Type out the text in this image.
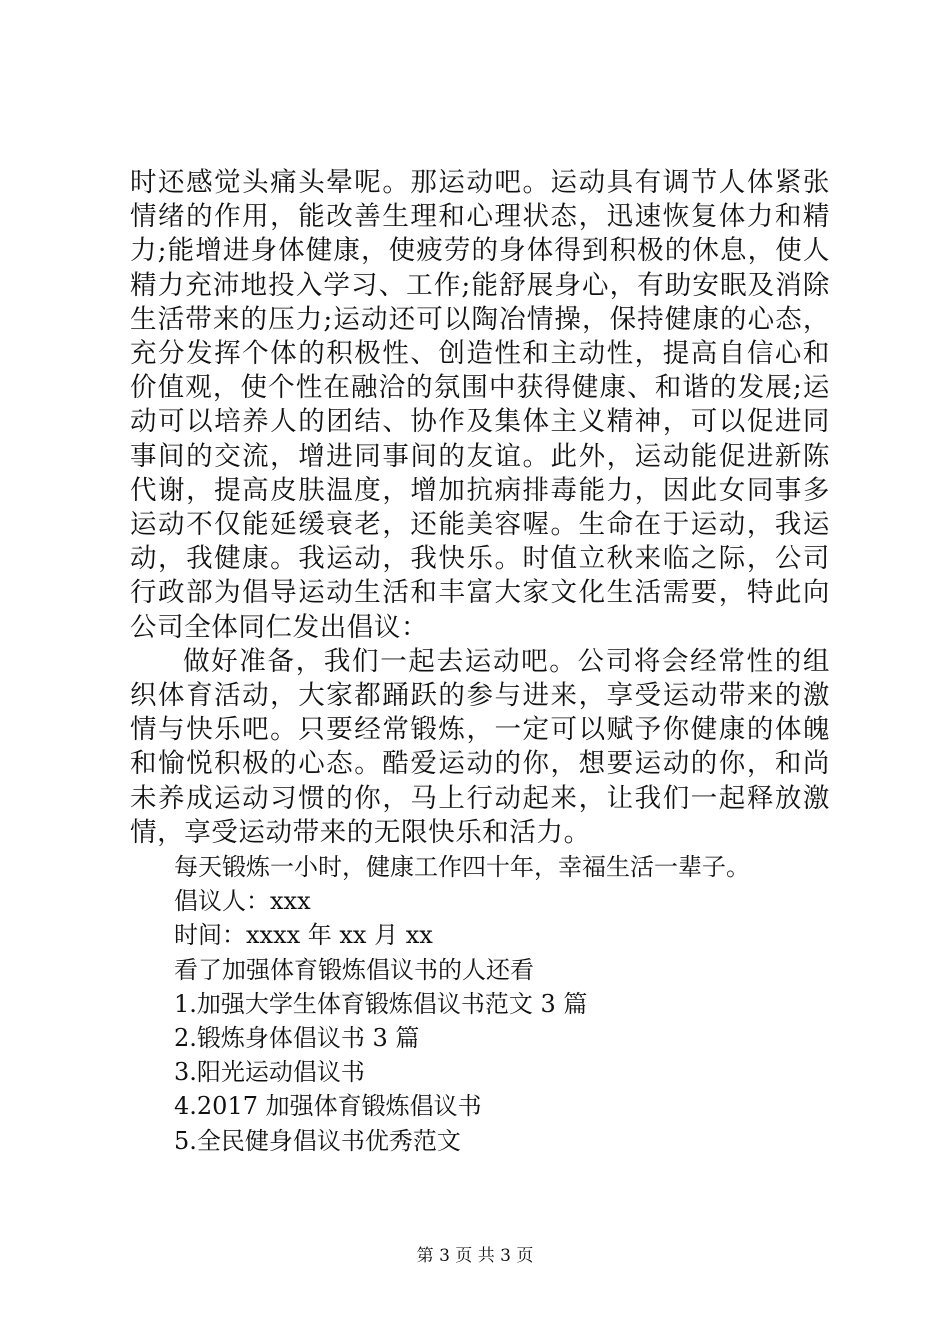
时还感觉头痛头晕呢。那运动吧。运动具有调节人体紧张情绪的作用，能改善生理和心理状态，迅速恢复体力和精力;能增进身体健康，使疲劳的身体得到积极的休息，使人精力充沛地投入学习、工作;能舒展身心，有助安眠及消除生活带来的压力;运动还可以陶冶情操，保持健康的心态，充分发挥个体的积极性、创造性和主动性，提高自信心和价值观，使个性在融洽的氛围中获得健康、和谐的发展;运动可以培养人的团结、协作及集体主义精神，可以促进同事间的交流，增进同事间的友谊。此外，运动能促进新陈代谢，提高皮肤温度，增加抗病排毒能力，因此女同事多运动不仅能延缓衰老，还能美容喔。生命在于运动，我运动，我健康。我运动，我快乐。时值立秋来临之际，公司行政部为倡导运动生活和丰富大家文化生活需要，特此向公司全体同仁发出倡议：

做好准备，我们一起去运动吧。公司将会经常性的组织体育活动，大家都踊跃的参与进来，享受运动带来的激情与快乐吧。只要经常锻炼，一定可以赋予你健康的体魄和愉悦积极的心态。酷爱运动的你，想要运动的你，和尚未养成运动习惯的你，马上行动起来，让我们一起释放激情，享受运动带来的无限快乐和活力。

每天锻炼一小时，健康工作四十年，幸福生活一辈子。

倡议人：xxx

时间：xxxx 年 xx 月 xx

看了加强体育锻炼倡议书的人还看

1.加强大学生体育锻炼倡议书范文 3 篇

2.锻炼身体倡议书 3 篇

3.阳光运动倡议书

4.2017 加强体育锻炼倡议书

5.全民健身倡议书优秀范文

第 3 页 共 3 页
